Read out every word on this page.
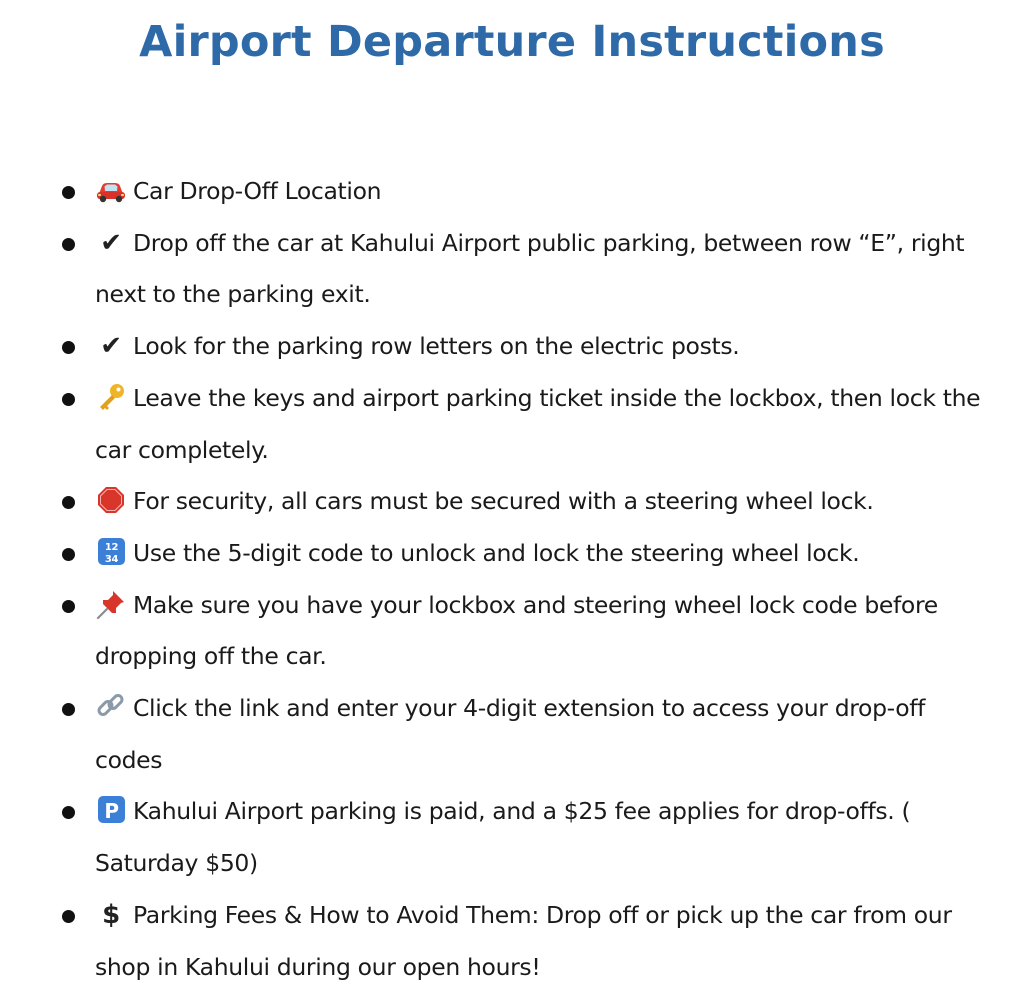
Airport Departure Instructions
Car Drop-Off Location
✔ Drop off the car at Kahului Airport public parking, between row “E”, right next to the parking exit.
✔ Look for the parking row letters on the electric posts.
Leave the keys and airport parking ticket inside the lockbox, then lock the car completely.
For security, all cars must be secured with a steering wheel lock.
12
34 Use the 5-digit code to unlock and lock the steering wheel lock.
Make sure you have your lockbox and steering wheel lock code before dropping off the car.
Click the link and enter your 4-digit extension to access your drop-off codes
P Kahului Airport parking is paid, and a $25 fee applies for drop-offs. ( Saturday $50)
$ Parking Fees & How to Avoid Them: Drop off or pick up the car from our shop in Kahului during our open hours!
